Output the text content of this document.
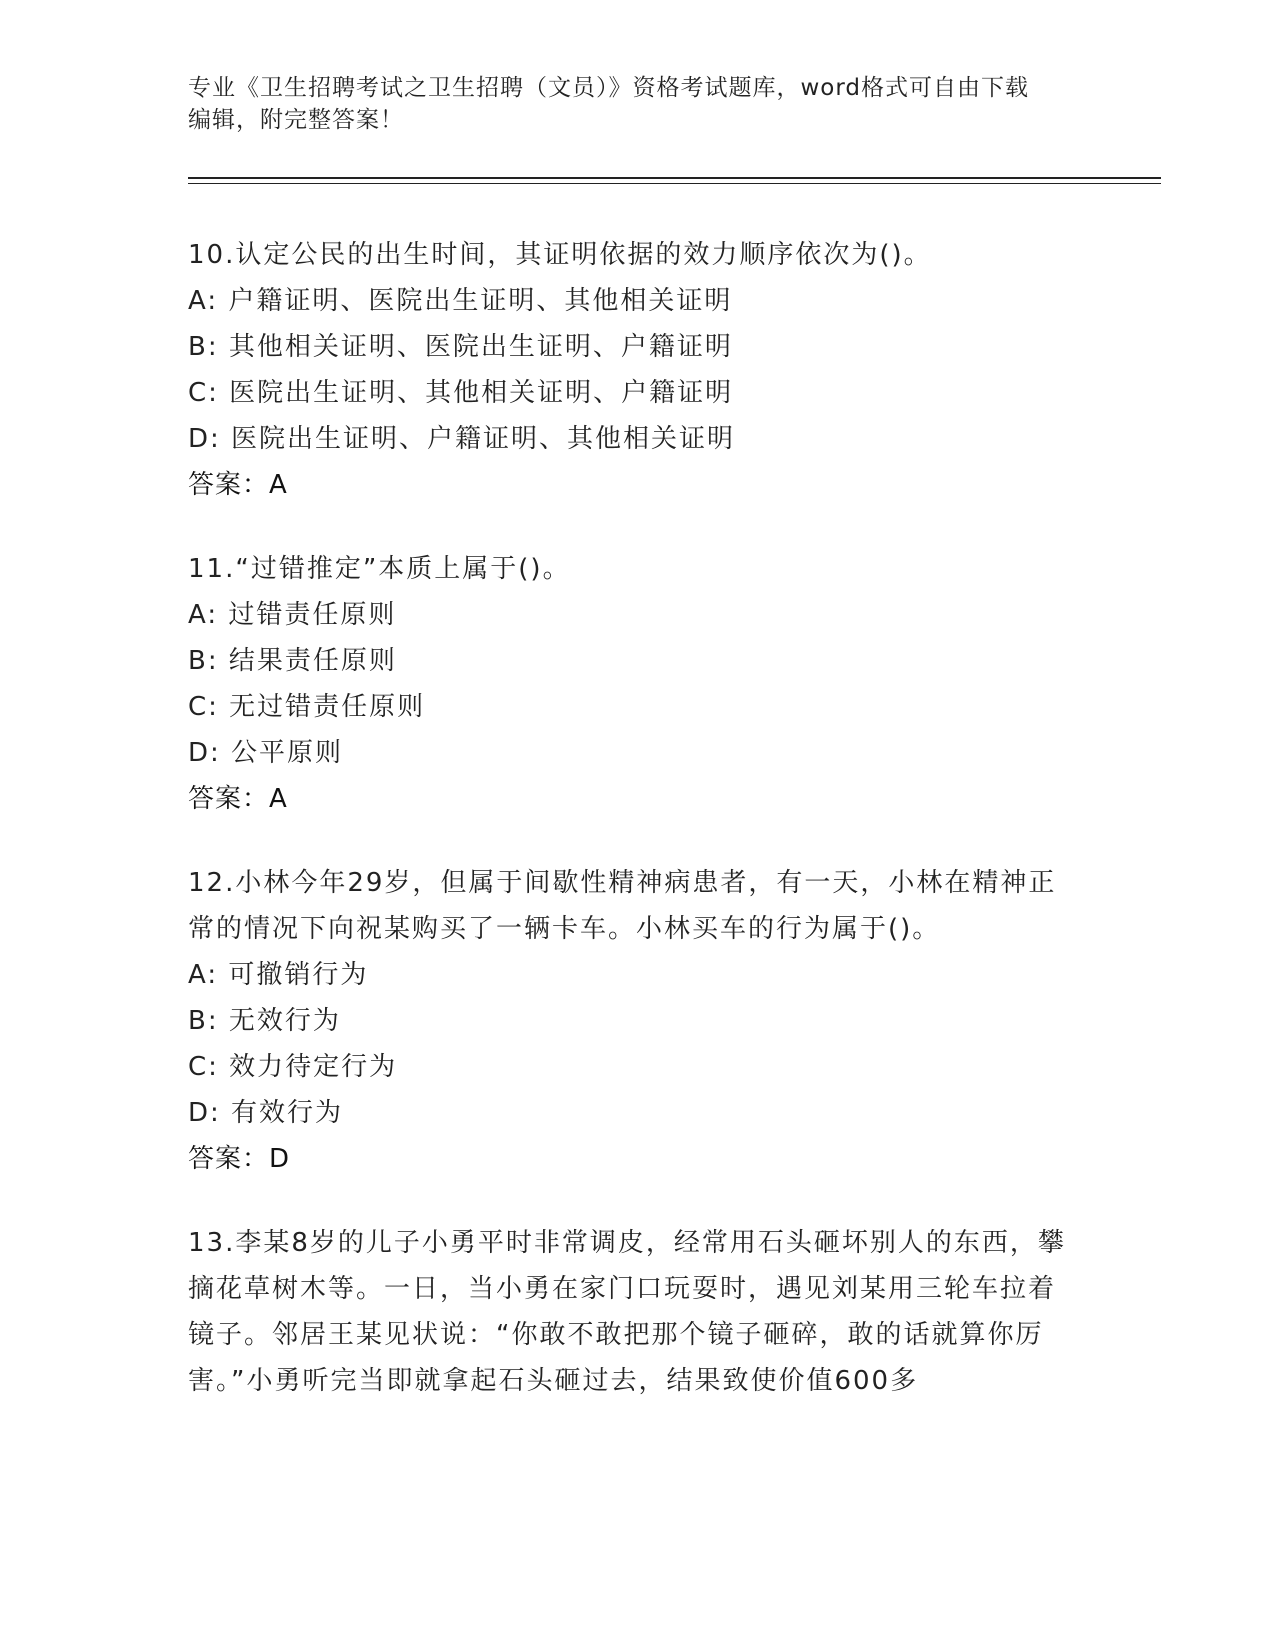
专业《卫生招聘考试之卫生招聘（文员）》资格考试题库，word格式可自由下载
编辑，附完整答案！

10.认定公民的出生时间，其证明依据的效力顺序依次为()。

A: 户籍证明、医院出生证明、其他相关证明

B: 其他相关证明、医院出生证明、户籍证明

C: 医院出生证明、其他相关证明、户籍证明

D: 医院出生证明、户籍证明、其他相关证明

答案：A

11.“过错推定”本质上属于()。

A: 过错责任原则

B: 结果责任原则

C: 无过错责任原则

D: 公平原则

答案：A

12.小林今年29岁，但属于间歇性精神病患者，有一天，小林在精神正常的情况下向祝某购买了一辆卡车。小林买车的行为属于()。

A: 可撤销行为

B: 无效行为

C: 效力待定行为

D: 有效行为

答案：D

13.李某8岁的儿子小勇平时非常调皮，经常用石头砸坏别人的东西，攀摘花草树木等。一日，当小勇在家门口玩耍时，遇见刘某用三轮车拉着镜子。邻居王某见状说：“你敢不敢把那个镜子砸碎，敢的话就算你厉害。”小勇听完当即就拿起石头砸过去，结果致使价值600多
